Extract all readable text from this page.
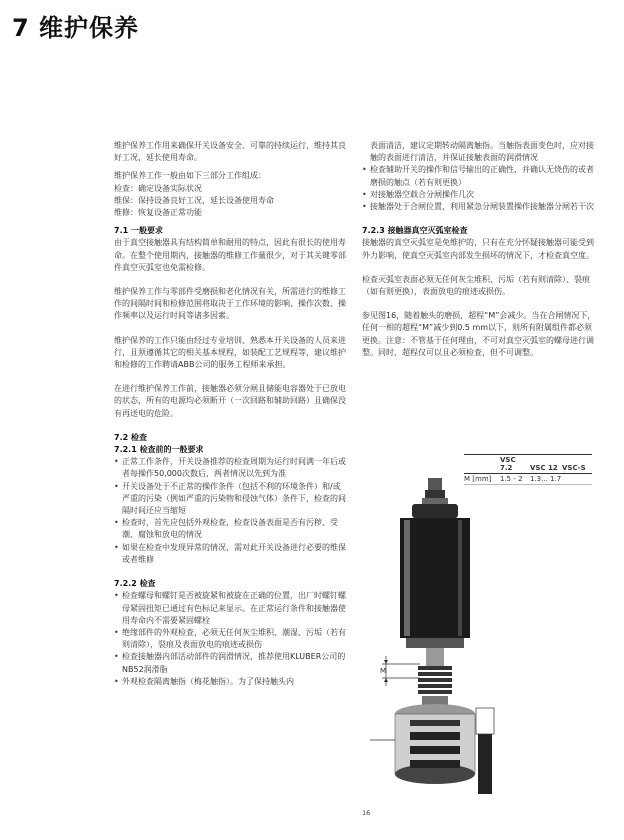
7 维护保养

维护保养工作用来确保开关设备安全、可靠的持续运行，维持其良好工况，延长使用寿命。

维护保养工作一般由如下三部分工作组成：

检查：确定设备实际状况

维保：保持设备良好工况，延长设备使用寿命

维修：恢复设备正常功能

7.1 一般要求

由于真空接触器具有结构简单和耐用的特点，因此有很长的使用寿命。在整个使用期内，接触器的维修工作量很少，对于其关键零部件真空灭弧室也免需检修。

维护保养工作与零部件受磨损和老化情况有关，所需进行的维修工作的间隔时间和检修范围将取决于工作环境的影响、操作次数、操作频率以及运行时间等诸多因素。

维护保养的工作只能由经过专业培训、熟悉本开关设备的人员来进行，且须遵循其它的相关基本规程，如装配工艺规程等，建议维护和检修的工作聘请ABB公司的服务工程师来承担。

在进行维护保养工作前，接触器必须分闸且储能电容器处于已放电的状态，所有的电源均必须断开（一次回路和辅助回路）且确保没有再送电的危险。

7.2 检查

7.2.1 检查前的一般要求

• 正常工作条件，开关设备推荐的检查周期为运行时间满一年后或者每操作50,000次数后，两者情况以先到为准
• 开关设备处于不正常的操作条件（包括不利的环境条件）和/或严重的污染（例如严重的污染物和侵蚀气体）条件下，检查的间隔时间还应当缩短
• 检查时，首先应包括外观检查，检查设备表面是否有污秽、受潮、腐蚀和放电的情况
• 如果在检查中发现异常的情况，需对此开关设备进行必要的维保或者维修

7.2.2 检查

• 检查螺母和螺钉是否被旋紧和被旋在正确的位置，出厂时螺钉螺母紧固扭矩已通过有色标记来显示。在正常运行条件和接触器使用寿命内不需要紧固螺栓
• 绝缘部件的外观检查，必须无任何灰尘堆积、潮湿、污垢（若有则清除），裂痕及表面放电的痕迹或损伤
• 检查接触器内部活动部件的润滑情况，推荐使用KLUBER公司的NB52润滑脂
• 外观检查隔离触指（梅花触指）。为了保持触头内

表面清洁，建议定期转动隔离触指。当触指表面变色时，应对接触的表面进行清洁，并保证接触表面的润滑情况

• 检查辅助开关的操作和信号输出的正确性，并确认无烧伤的或者磨损的触点（若有则更换）
• 对接触器空载合分闸操作几次
• 接触器处于合闸位置，利用紧急分闸装置操作接触器分闸若干次

7.2.3 接触器真空灭弧室检查

接触器的真空灭弧室是免维护的，只有在充分怀疑接触器可能受到外力影响，使真空灭弧室内部发生损坏的情况下，才检查真空度。

检查灭弧室表面必须无任何灰尘堆积、污垢（若有则清除）、裂痕（如有则更换），表面放电的痕迹或损伤。

参见图16，随着触头的磨损，超程“M”会减少。当在合闸情况下，任何一相的超程“M”减少到0.5 mm以下，则所有附属组件都必须更换。注意：不管基于任何理由，不可对真空灭弧室的螺母进行调整。同时，超程仅可以且必须检查，但不可调整。

VSC 7.2	VSC 12 VSC-S
M [mm] 1.5 - 2 1.3... 1.7
M
16
